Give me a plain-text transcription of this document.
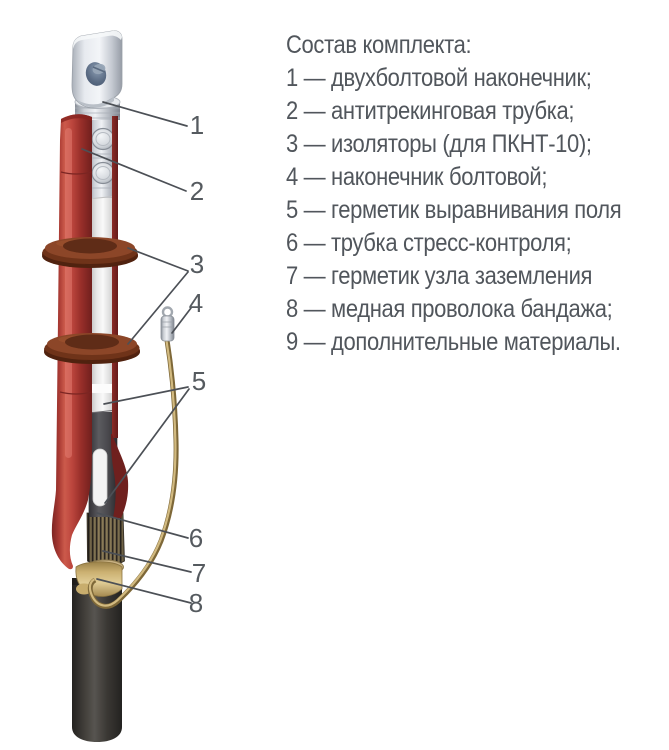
1
2
3
4
5
6
7
8
Состав комплекта:
1 — двухболтовой наконечник;
2 — антитрекинговая трубка;
3 — изоляторы (для ПКНТ-10);
4 — наконечник болтовой;
5 — герметик выравнивания поля
6 — трубка стресс-контроля;
7 — герметик узла заземления
8 — медная проволока бандажа;
9 — дополнительные материалы.
